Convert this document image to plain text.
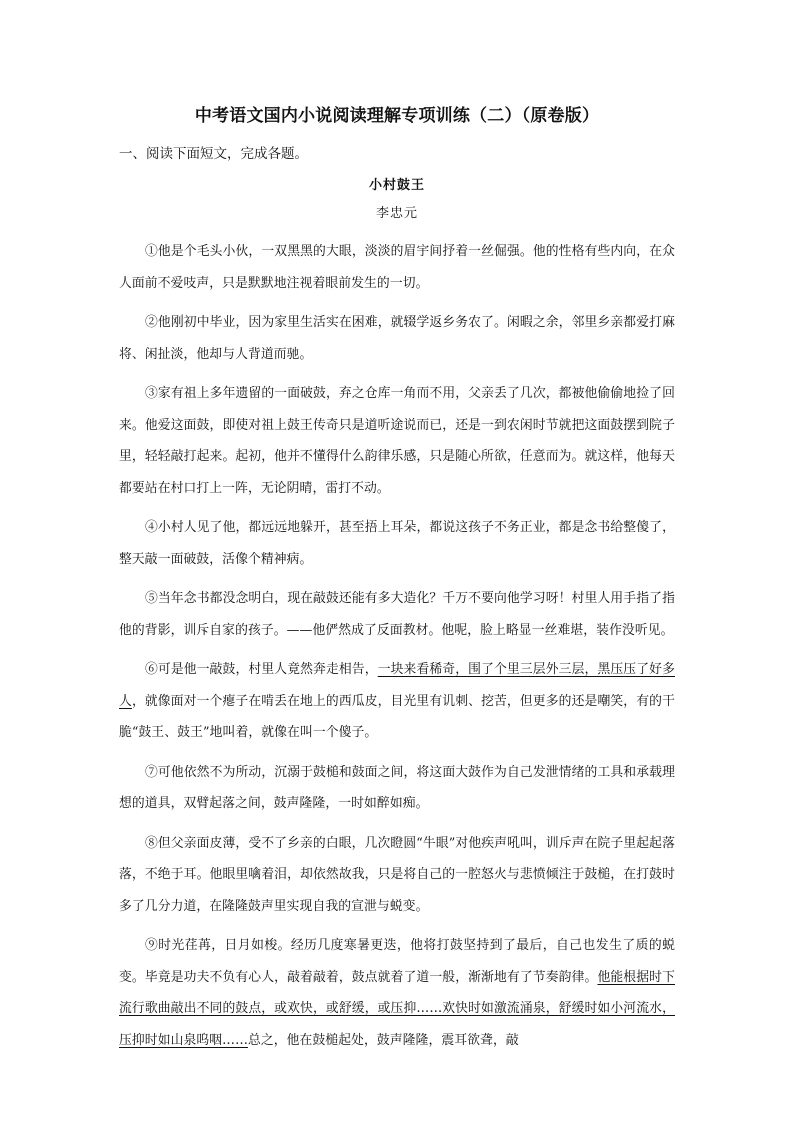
中考语文国内小说阅读理解专项训练（二）（原卷版）
一、阅读下面短文，完成各题。
小村鼓王
李忠元

①他是个毛头小伙，一双黑黑的大眼，淡淡的眉宇间抒着一丝倔强。他的性格有些内向，在众人面前不爱吱声，只是默默地注视着眼前发生的一切。

②他刚初中毕业，因为家里生活实在困难，就辍学返乡务农了。闲暇之余，邻里乡亲都爱打麻将、闲扯淡，他却与人背道而驰。

③家有祖上多年遗留的一面破鼓，弃之仓库一角而不用，父亲丢了几次，都被他偷偷地捡了回来。他爱这面鼓，即使对祖上鼓王传奇只是道听途说而已，还是一到农闲时节就把这面鼓摆到院子里，轻轻敲打起来。起初，他并不懂得什么韵律乐感，只是随心所欲，任意而为。就这样，他每天都要站在村口打上一阵，无论阴晴，雷打不动。

④小村人见了他，都远远地躲开，甚至捂上耳朵，都说这孩子不务正业，都是念书给整傻了，整天敲一面破鼓，活像个精神病。

⑤当年念书都没念明白，现在敲鼓还能有多大造化？千万不要向他学习呀！村里人用手指了指他的背影，训斥自家的孩子。——他俨然成了反面教材。他呢，脸上略显一丝难堪，装作没听见。

⑥可是他一敲鼓，村里人竟然奔走相告，一块来看稀奇，围了个里三层外三层，黑压压了好多人，就像面对一个瘪子在啃丢在地上的西瓜皮，目光里有讥刺、挖苦，但更多的还是嘲笑，有的干脆“鼓王、鼓王”地叫着，就像在叫一个傻子。

⑦可他依然不为所动，沉溺于鼓槌和鼓面之间，将这面大鼓作为自己发泄情绪的工具和承载理想的道具，双臂起落之间，鼓声隆隆，一时如醉如痴。

⑧但父亲面皮薄，受不了乡亲的白眼，几次瞪圆“牛眼”对他疾声吼叫，训斥声在院子里起起落落，不绝于耳。他眼里噙着泪，却依然故我，只是将自己的一腔怒火与悲愤倾注于鼓槌，在打鼓时多了几分力道，在隆隆鼓声里实现自我的宣泄与蜕变。

⑨时光荏苒，日月如梭。经历几度寒暑更迭，他将打鼓坚持到了最后，自己也发生了质的蜕变。毕竟是功夫不负有心人，敲着敲着，鼓点就着了道一般，渐渐地有了节奏韵律。他能根据时下流行歌曲敲出不同的鼓点，或欢快，或舒缓，或压抑……欢快时如激流涌泉，舒缓时如小河流水，压抑时如山泉呜咽……总之，他在鼓槌起处，鼓声隆隆，震耳欲聋，敲
